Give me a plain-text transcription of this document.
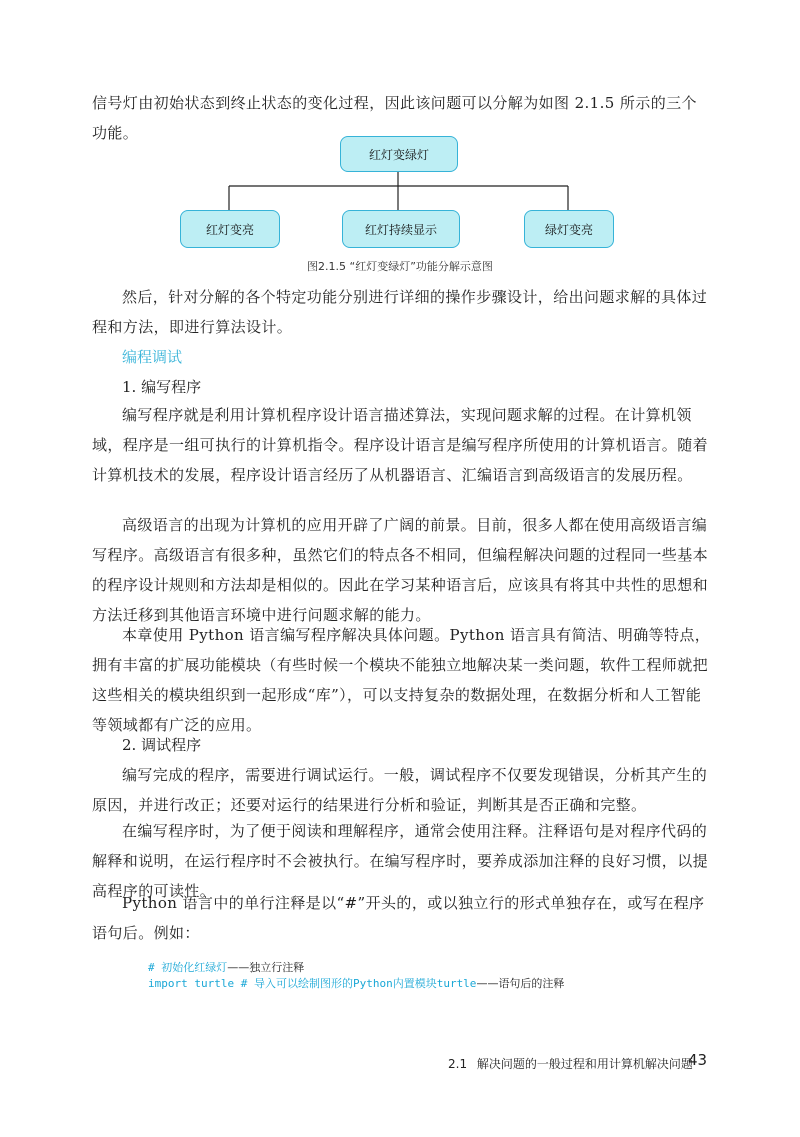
信号灯由初始状态到终止状态的变化过程，因此该问题可以分解为如图 2.1.5 所示的三个功能。

红灯变绿灯
红灯变亮	红灯持续显示	绿灯变亮
图2.1.5 “红灯变绿灯”功能分解示意图

然后，针对分解的各个特定功能分别进行详细的操作步骤设计，给出问题求解的具体过程和方法，即进行算法设计。

编程调试
1. 编写程序

编写程序就是利用计算机程序设计语言描述算法，实现问题求解的过程。在计算机领域，程序是一组可执行的计算机指令。程序设计语言是编写程序所使用的计算机语言。随着计算机技术的发展，程序设计语言经历了从机器语言、汇编语言到高级语言的发展历程。

高级语言的出现为计算机的应用开辟了广阔的前景。目前，很多人都在使用高级语言编写程序。高级语言有很多种，虽然它们的特点各不相同，但编程解决问题的过程同一些基本的程序设计规则和方法却是相似的。因此在学习某种语言后，应该具有将其中共性的思想和方法迁移到其他语言环境中进行问题求解的能力。

本章使用 Python 语言编写程序解决具体问题。Python 语言具有简洁、明确等特点，拥有丰富的扩展功能模块（有些时候一个模块不能独立地解决某一类问题，软件工程师就把这些相关的模块组织到一起形成“库”），可以支持复杂的数据处理，在数据分析和人工智能等领域都有广泛的应用。

2. 调试程序

编写完成的程序，需要进行调试运行。一般，调试程序不仅要发现错误，分析其产生的原因，并进行改正；还要对运行的结果进行分析和验证，判断其是否正确和完整。

在编写程序时，为了便于阅读和理解程序，通常会使用注释。注释语句是对程序代码的解释和说明，在运行程序时不会被执行。在编写程序时，要养成添加注释的良好习惯，以提高程序的可读性。

Python 语言中的单行注释是以“#”开头的，或以独立行的形式单独存在，或写在程序语句后。例如：

# 初始化红绿灯——独立行注释
import turtle # 导入可以绘制图形的Python内置模块turtle——语句后的注释
2.1 解决问题的一般过程和用计算机解决问题
43
